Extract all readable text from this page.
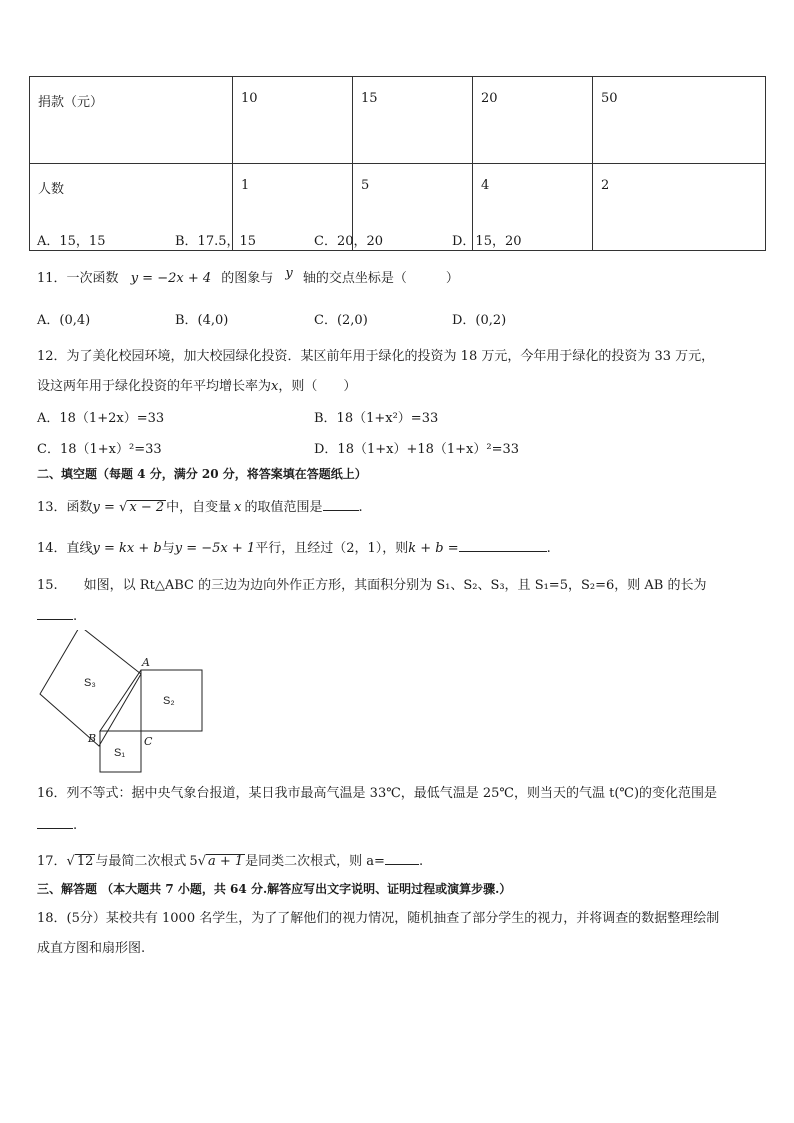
捐款（元）	10	15	20	50
人数	1	5	4	2
A．15，15	B．17.5，15	C．20，20	D．15，20
11．一次函数 y = −2x + 4 的图象与 y 轴的交点坐标是（　　　）
A．(0,4)	B．(4,0)	C．(2,0)	D．(0,2)
12．为了美化校园环境，加大校园绿化投资．某区前年用于绿化的投资为 18 万元，今年用于绿化的投资为 33 万元，
设这两年用于绿化投资的年平均增长率为x，则（　　）
A．18（1+2x）=33	B．18（1+x²）=33
C．18（1+x）²=33	D．18（1+x）+18（1+x）²=33
二、填空题（每题 4 分，满分 20 分，将答案填在答题纸上）
13．函数y = √ x − 2 中，自变量 x 的取值范围是	.
14．直线y = kx + b与y = −5x + 1平行，且经过（2，1），则k + b =	.
15.　　如图，以 Rt△ABC 的三边为边向外作正方形，其面积分别为 S₁、S₂、S₃，且 S₁=5，S₂=6，则 AB 的长为
.
S₃
S₂
S₁
A
B	C
16．列不等式：据中央气象台报道，某日我市最高气温是 33℃，最低气温是 25℃，则当天的气温 t(℃)的变化范围是
.
17．√ 12 与最简二次根式 5√ a + 1 是同类二次根式，则 a=	.
三、解答题 （本大题共 7 小题，共 64 分.解答应写出文字说明、证明过程或演算步骤.）
18．(5分）某校共有 1000 名学生，为了了解他们的视力情况，随机抽查了部分学生的视力，并将调查的数据整理绘制
成直方图和扇形图.
